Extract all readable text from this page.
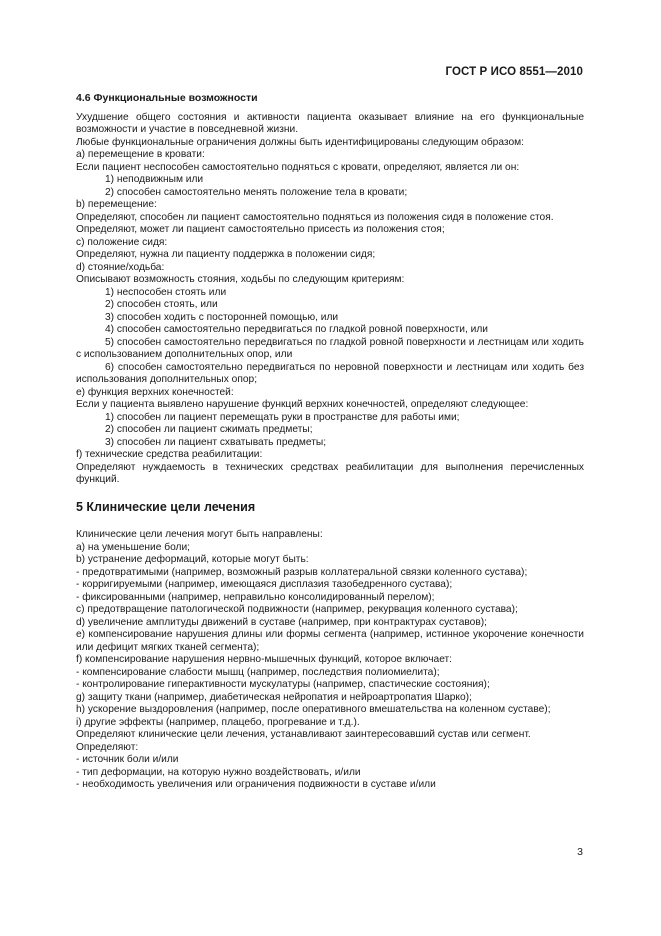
ГОСТ Р ИСО 8551—2010
4.6 Функциональные возможности
Ухудшение общего состояния и активности пациента оказывает влияние на его функциональные возможности и участие в повседневной жизни.
Любые функциональные ограничения должны быть идентифицированы следующим образом:
a) перемещение в кровати:
Если пациент неспособен самостоятельно подняться с кровати, определяют, является ли он:
1) неподвижным или
2) способен самостоятельно менять положение тела в кровати;
b) перемещение:
Определяют, способен ли пациент самостоятельно подняться из положения сидя в положение стоя.
Определяют, может ли пациент самостоятельно присесть из положения стоя;
c) положение сидя:
Определяют, нужна ли пациенту поддержка в положении сидя;
d) стояние/ходьба:
Описывают возможность стояния, ходьбы по следующим критериям:
1) неспособен стоять или
2) способен стоять, или
3) способен ходить с посторонней помощью, или
4) способен самостоятельно передвигаться по гладкой ровной поверхности, или
5) способен самостоятельно передвигаться по гладкой ровной поверхности и лестницам или ходить с использованием дополнительных опор, или
6) способен самостоятельно передвигаться по неровной поверхности и лестницам или ходить без использования дополнительных опор;
e) функция верхних конечностей:
Если у пациента выявлено нарушение функций верхних конечностей, определяют следующее:
1) способен ли пациент перемещать руки в пространстве для работы ими;
2) способен ли пациент сжимать предметы;
3) способен ли пациент схватывать предметы;
f) технические средства реабилитации:
Определяют нуждаемость в технических средствах реабилитации для выполнения перечисленных функций.
5 Клинические цели лечения
Клинические цели лечения могут быть направлены:
a) на уменьшение боли;
b) устранение деформаций, которые могут быть:
- предотвратимыми (например, возможный разрыв коллатеральной связки коленного сустава);
- корригируемыми (например, имеющаяся дисплазия тазобедренного сустава);
- фиксированными (например, неправильно консолидированный перелом);
c) предотвращение патологической подвижности (например, рекурвация коленного сустава);
d) увеличение амплитуды движений в суставе (например, при контрактурах суставов);
e) компенсирование нарушения длины или формы сегмента (например, истинное укорочение конечности или дефицит мягких тканей сегмента);
f) компенсирование нарушения нервно-мышечных функций, которое включает:
- компенсирование слабости мышц (например, последствия полиомиелита);
- контролирование гиперактивности мускулатуры (например, спастические состояния);
g) защиту ткани (например, диабетическая нейропатия и нейроартропатия Шарко);
h) ускорение выздоровления (например, после оперативного вмешательства на коленном суставе);
i) другие эффекты (например, плацебо, прогревание и т.д.).
Определяют клинические цели лечения, устанавливают заинтересовавший сустав или сегмент.
Определяют:
- источник боли и/или
- тип деформации, на которую нужно воздействовать, и/или
- необходимость увеличения или ограничения подвижности в суставе и/или
3
